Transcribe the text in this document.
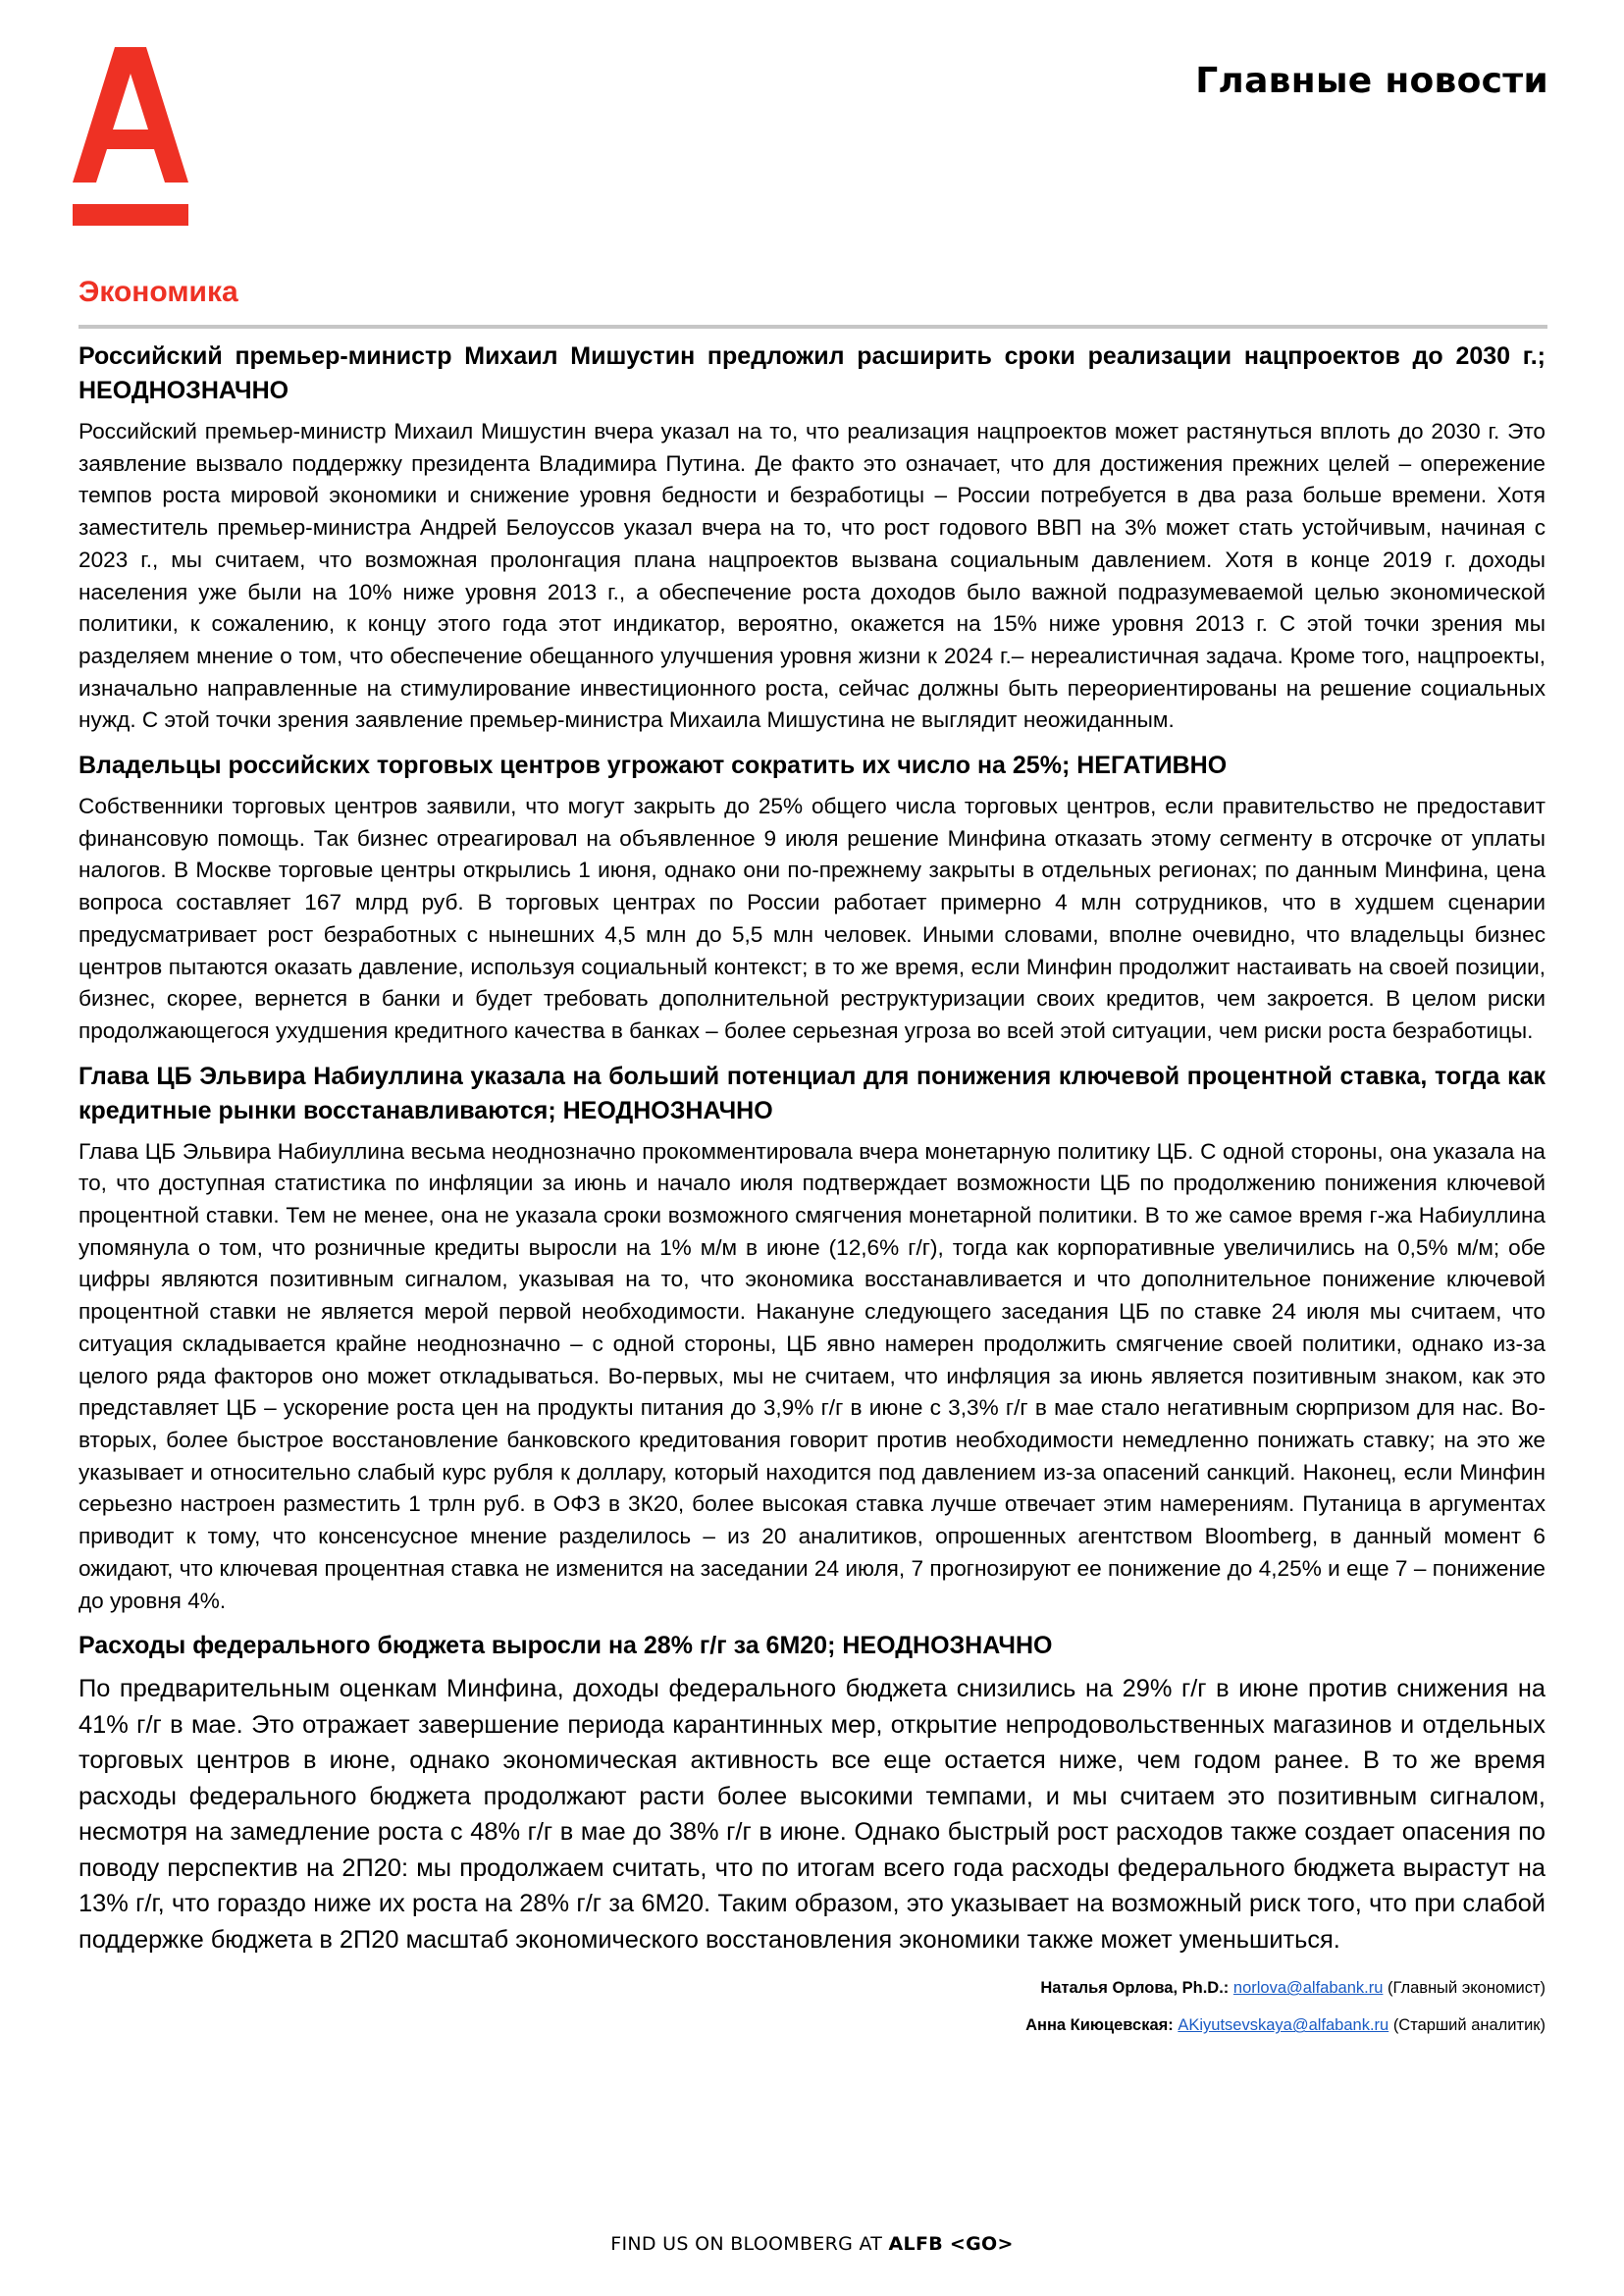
Главные новости
Экономика
Российский премьер-министр Михаил Мишустин предложил расширить сроки реализации нацпроектов до 2030 г.; НЕОДНОЗНАЧНО

Российский премьер-министр Михаил Мишустин вчера указал на то, что реализация нацпроектов может растянуться вплоть до 2030 г. Это заявление вызвало поддержку президента Владимира Путина. Де факто это означает, что для достижения прежних целей – опережение темпов роста мировой экономики и снижение уровня бедности и безработицы – России потребуется в два раза больше времени. Хотя заместитель премьер-министра Андрей Белоуссов указал вчера на то, что рост годового ВВП на 3% может стать устойчивым, начиная с 2023 г., мы считаем, что возможная пролонгация плана нацпроектов вызвана социальным давлением. Хотя в конце 2019 г. доходы населения уже были на 10% ниже уровня 2013 г., а обеспечение роста доходов было важной подразумеваемой целью экономической политики, к сожалению, к концу этого года этот индикатор, вероятно, окажется на 15% ниже уровня 2013 г. С этой точки зрения мы разделяем мнение о том, что обеспечение обещанного улучшения уровня жизни к 2024 г.– нереалистичная задача. Кроме того, нацпроекты, изначально направленные на стимулирование инвестиционного роста, сейчас должны быть переориентированы на решение социальных нужд. С этой точки зрения заявление премьер-министра Михаила Мишустина не выглядит неожиданным.

Владельцы российских торговых центров угрожают сократить их число на 25%; НЕГАТИВНО

Собственники торговых центров заявили, что могут закрыть до 25% общего числа торговых центров, если правительство не предоставит финансовую помощь. Так бизнес отреагировал на объявленное 9 июля решение Минфина отказать этому сегменту в отсрочке от уплаты налогов. В Москве торговые центры открылись 1 июня, однако они по-прежнему закрыты в отдельных регионах; по данным Минфина, цена вопроса составляет 167 млрд руб. В торговых центрах по России работает примерно 4 млн сотрудников, что в худшем сценарии предусматривает рост безработных с нынешних 4,5 млн до 5,5 млн человек. Иными словами, вполне очевидно, что владельцы бизнес центров пытаются оказать давление, используя социальный контекст; в то же время, если Минфин продолжит настаивать на своей позиции, бизнес, скорее, вернется в банки и будет требовать дополнительной реструктуризации своих кредитов, чем закроется. В целом риски продолжающегося ухудшения кредитного качества в банках – более серьезная угроза во всей этой ситуации, чем риски роста безработицы.

Глава ЦБ Эльвира Набиуллина указала на больший потенциал для понижения ключевой процентной ставка, тогда как кредитные рынки восстанавливаются; НЕОДНОЗНАЧНО

Глава ЦБ Эльвира Набиуллина весьма неоднозначно прокомментировала вчера монетарную политику ЦБ. С одной стороны, она указала на то, что доступная статистика по инфляции за июнь и начало июля подтверждает возможности ЦБ по продолжению понижения ключевой процентной ставки. Тем не менее, она не указала сроки возможного смягчения монетарной политики. В то же самое время г-жа Набиуллина упомянула о том, что розничные кредиты выросли на 1% м/м в июне (12,6% г/г), тогда как корпоративные увеличились на 0,5% м/м; обе цифры являются позитивным сигналом, указывая на то, что экономика восстанавливается и что дополнительное понижение ключевой процентной ставки не является мерой первой необходимости. Накануне следующего заседания ЦБ по ставке 24 июля мы считаем, что ситуация складывается крайне неоднозначно – с одной стороны, ЦБ явно намерен продолжить смягчение своей политики, однако из-за целого ряда факторов оно может откладываться. Во-первых, мы не считаем, что инфляция за июнь является позитивным знаком, как это представляет ЦБ – ускорение роста цен на продукты питания до 3,9% г/г в июне с 3,3% г/г в мае стало негативным сюрпризом для нас. Во-вторых, более быстрое восстановление банковского кредитования говорит против необходимости немедленно понижать ставку; на это же указывает и относительно слабый курс рубля к доллару, который находится под давлением из-за опасений санкций. Наконец, если Минфин серьезно настроен разместить 1 трлн руб. в ОФЗ в 3К20, более высокая ставка лучше отвечает этим намерениям. Путаница в аргументах приводит к тому, что консенсусное мнение разделилось – из 20 аналитиков, опрошенных агентством Bloomberg, в данный момент 6 ожидают, что ключевая процентная ставка не изменится на заседании 24 июля, 7 прогнозируют ее понижение до 4,25% и еще 7 – понижение до уровня 4%.

Расходы федерального бюджета выросли на 28% г/г за 6М20; НЕОДНОЗНАЧНО

По предварительным оценкам Минфина, доходы федерального бюджета снизились на 29% г/г в июне против снижения на 41% г/г в мае. Это отражает завершение периода карантинных мер, открытие непродовольственных магазинов и отдельных торговых центров в июне, однако экономическая активность все еще остается ниже, чем годом ранее. В то же время расходы федерального бюджета продолжают расти более высокими темпами, и мы считаем это позитивным сигналом, несмотря на замедление роста с 48% г/г в мае до 38% г/г в июне. Однако быстрый рост расходов также создает опасения по поводу перспектив на 2П20: мы продолжаем считать, что по итогам всего года расходы федерального бюджета вырастут на 13% г/г, что гораздо ниже их роста на 28% г/г за 6М20. Таким образом, это указывает на возможный риск того, что при слабой поддержке бюджета в 2П20 масштаб экономического восстановления экономики также может уменьшиться.

Наталья Орлова, Ph.D.: norlova@alfabank.ru (Главный экономист)
Анна Киюцевская: AKiyutsevskaya@alfabank.ru (Старший аналитик)
FIND US ON BLOOMBERG AT ALFB <GO>
